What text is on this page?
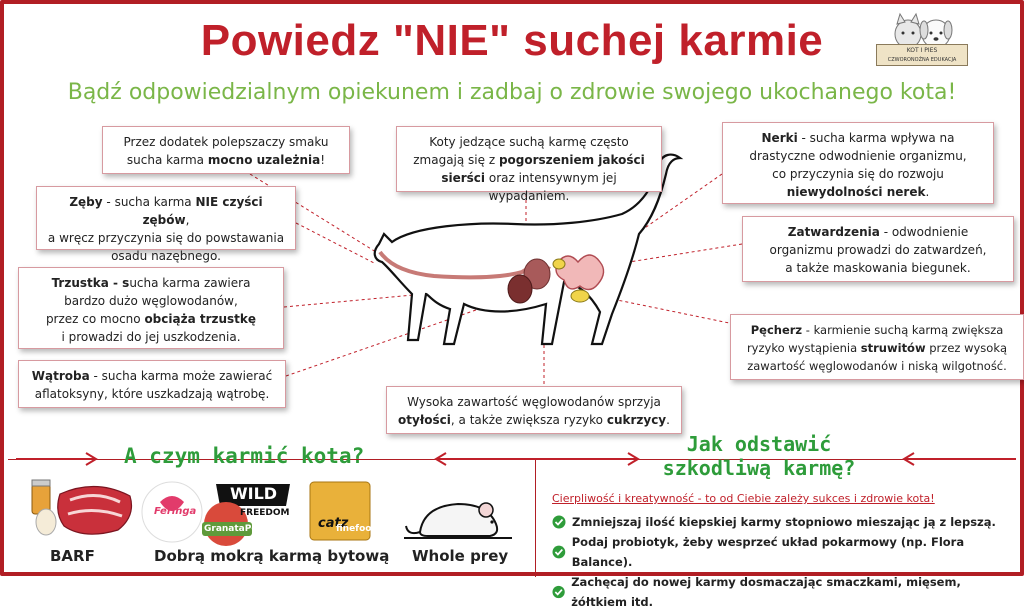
Powiedz "NIE" suchej karmie
Bądź odpowiedzialnym opiekunem i zadbaj o zdrowie swojego ukochanego kota!
KOT I PIES
CZWORONOŻNA EDUKACJA
Przez dodatek polepszaczy smaku
sucha karma mocno uzależnia!
Zęby - sucha karma NIE czyści zębów,
a wręcz przyczynia się do powstawania
osadu nazębnego.
Trzustka - sucha karma zawiera
bardzo dużo węglowodanów,
przez co mocno obciąża trzustkę
i prowadzi do jej uszkodzenia.
Wątroba - sucha karma może zawierać
aflatoksyny, które uszkadzają wątrobę.
Koty jedzące suchą karmę często
zmagają się z pogorszeniem jakości
sierści oraz intensywnym jej wypadaniem.
Nerki - sucha karma wpływa na
drastyczne odwodnienie organizmu,
co przyczynia się do rozwoju
niewydolności nerek.
Zatwardzenia - odwodnienie
organizmu prowadzi do zatwardzeń,
a także maskowania biegunek.
Pęcherz - karmienie suchą karmą zwiększa
ryzyko wystąpienia struwitów przez wysoką
zawartość węglowodanów i niską wilgotność.
Wysoka zawartość węglowodanów sprzyja
otyłości, a także zwiększa ryzyko cukrzycy.
A czym karmić kota?	Jak odstawić szkodliwą karmę?
Cierpliwość i kreatywność - to od Ciebie zależy sukces i zdrowie kota!
Zmniejszaj ilość kiepskiej karmy stopniowo mieszając ją z lepszą.
Podaj probiotyk, żeby wesprzeć układ pokarmowy (np. Flora Balance).
Zachęcaj do nowej karmy dosmaczając smaczkami, mięsem, żółtkiem itd.
BARF
Feringa
WILD
FREEDOM
GranataPet	catz
finefood
Dobrą mokrą karmą bytową Whole prey
